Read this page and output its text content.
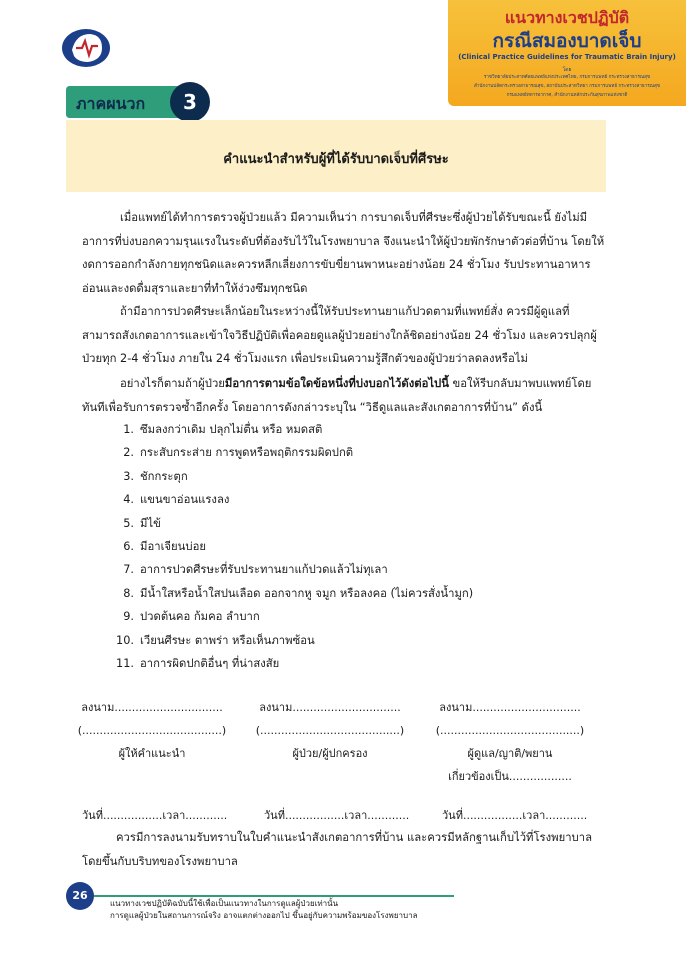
แนวทางเวชปฏิบัติ
กรณีสมองบาดเจ็บ
(Clinical Practice Guidelines for Traumatic Brain Injury)
โดย
ราชวิทยาลัยประสาทศัลยแพทย์แห่งประเทศไทย, กรมการแพทย์ กระทรวงสาธารณสุข
สำนักงานปลัดกระทรวงสาธารณสุข, สถาบันประสาทวิทยา กรมการแพทย์ กระทรวงสาธารณสุข
กรมแพทย์ทหารอากาศ, สำนักงานหลักประกันสุขภาพแห่งชาติ
ภาคผนวก	3
คำแนะนำสำหรับผู้ที่ได้รับบาดเจ็บที่ศีรษะ

เมื่อแพทย์ได้ทำการตรวจผู้ป่วยแล้ว มีความเห็นว่า การบาดเจ็บที่ศีรษะซึ่งผู้ป่วยได้รับขณะนี้ ยังไม่มีอาการที่บ่งบอกความรุนแรงในระดับที่ต้องรับไว้ในโรงพยาบาล จึงแนะนำให้ผู้ป่วยพักรักษาตัวต่อที่บ้าน โดยให้งดการออกกำลังกายทุกชนิดและควรหลีกเลี่ยงการขับขี่ยานพาหนะอย่างน้อย 24 ชั่วโมง รับประทานอาหารอ่อนและงดดื่มสุราและยาที่ทำให้ง่วงซึมทุกชนิด

ถ้ามีอาการปวดศีรษะเล็กน้อยในระหว่างนี้ให้รับประทานยาแก้ปวดตามที่แพทย์สั่ง ควรมีผู้ดูแลที่สามารถสังเกตอาการและเข้าใจวิธีปฏิบัติเพื่อคอยดูแลผู้ป่วยอย่างใกล้ชิดอย่างน้อย 24 ชั่วโมง และควรปลุกผู้ป่วยทุก 2-4 ชั่วโมง ภายใน 24 ชั่วโมงแรก เพื่อประเมินความรู้สึกตัวของผู้ป่วยว่าลดลงหรือไม่

อย่างไรก็ตามถ้าผู้ป่วยมีอาการตามข้อใดข้อหนึ่งที่บ่งบอกไว้ดังต่อไปนี้ ขอให้รีบกลับมาพบแพทย์โดยทันทีเพื่อรับการตรวจซ้ำอีกครั้ง โดยอาการดังกล่าวระบุใน “วิธีดูแลและสังเกตอาการที่บ้าน” ดังนี้

1. ซึมลงกว่าเดิม ปลุกไม่ตื่น หรือ หมดสติ
2. กระสับกระส่าย การพูดหรือพฤติกรรมผิดปกติ
3. ชักกระตุก
4. แขนขาอ่อนแรงลง
5. มีไข้
6. มีอาเจียนบ่อย
7. อาการปวดศีรษะที่รับประทานยาแก้ปวดแล้วไม่ทุเลา
8. มีน้ำใสหรือน้ำใสปนเลือด ออกจากหู จมูก หรือลงคอ (ไม่ควรสั่งน้ำมูก)
9. ปวดต้นคอ ก้มคอ ลำบาก
10. เวียนศีรษะ ตาพร่า หรือเห็นภาพซ้อน
11. อาการผิดปกติอื่นๆ ที่น่าสงสัย
ลงนาม...............................
(........................................)
ผู้ให้คำแนะนำ
ลงนาม...............................
(........................................)
ผู้ป่วย/ผู้ปกครอง
ลงนาม...............................
(........................................)
ผู้ดูแล/ญาติ/พยาน
เกี่ยวข้องเป็น..................
วันที่.................เวลา............	วันที่.................เวลา............	วันที่.................เวลา............

ควรมีการลงนามรับทราบในใบคำแนะนำสังเกตอาการที่บ้าน และควรมีหลักฐานเก็บไว้ที่โรงพยาบาล โดยขึ้นกับบริบทของโรงพยาบาล

26
แนวทางเวชปฏิบัติฉบับนี้ใช้เพื่อเป็นแนวทางในการดูแลผู้ป่วยเท่านั้น
การดูแลผู้ป่วยในสถานการณ์จริง อาจแตกต่างออกไป ขึ้นอยู่กับความพร้อมของโรงพยาบาล
